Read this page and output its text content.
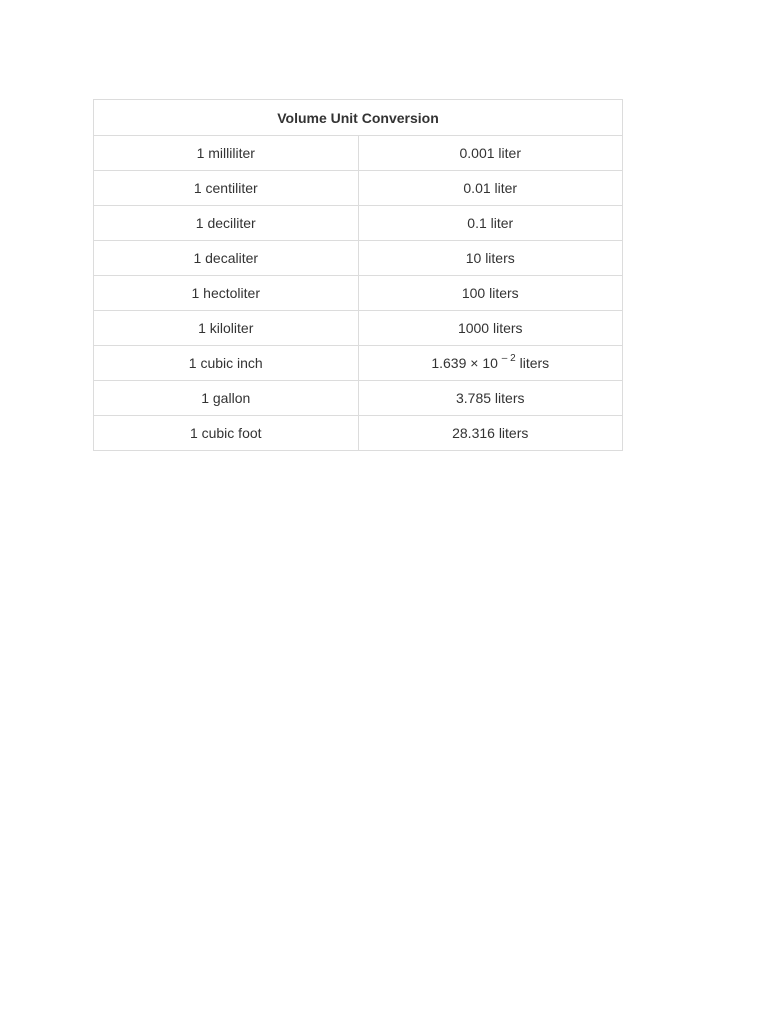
Volume Unit Conversion	
1 milliliter	0.001 liter
1 centiliter	0.01 liter
1 deciliter	0.1 liter
1 decaliter	10 liters
1 hectoliter	100 liters
1 kiloliter	1000 liters
1 cubic inch	1.639 × 10 $^{- 2}$ liters
1 gallon	3.785 liters
1 cubic foot	28.316 liters
